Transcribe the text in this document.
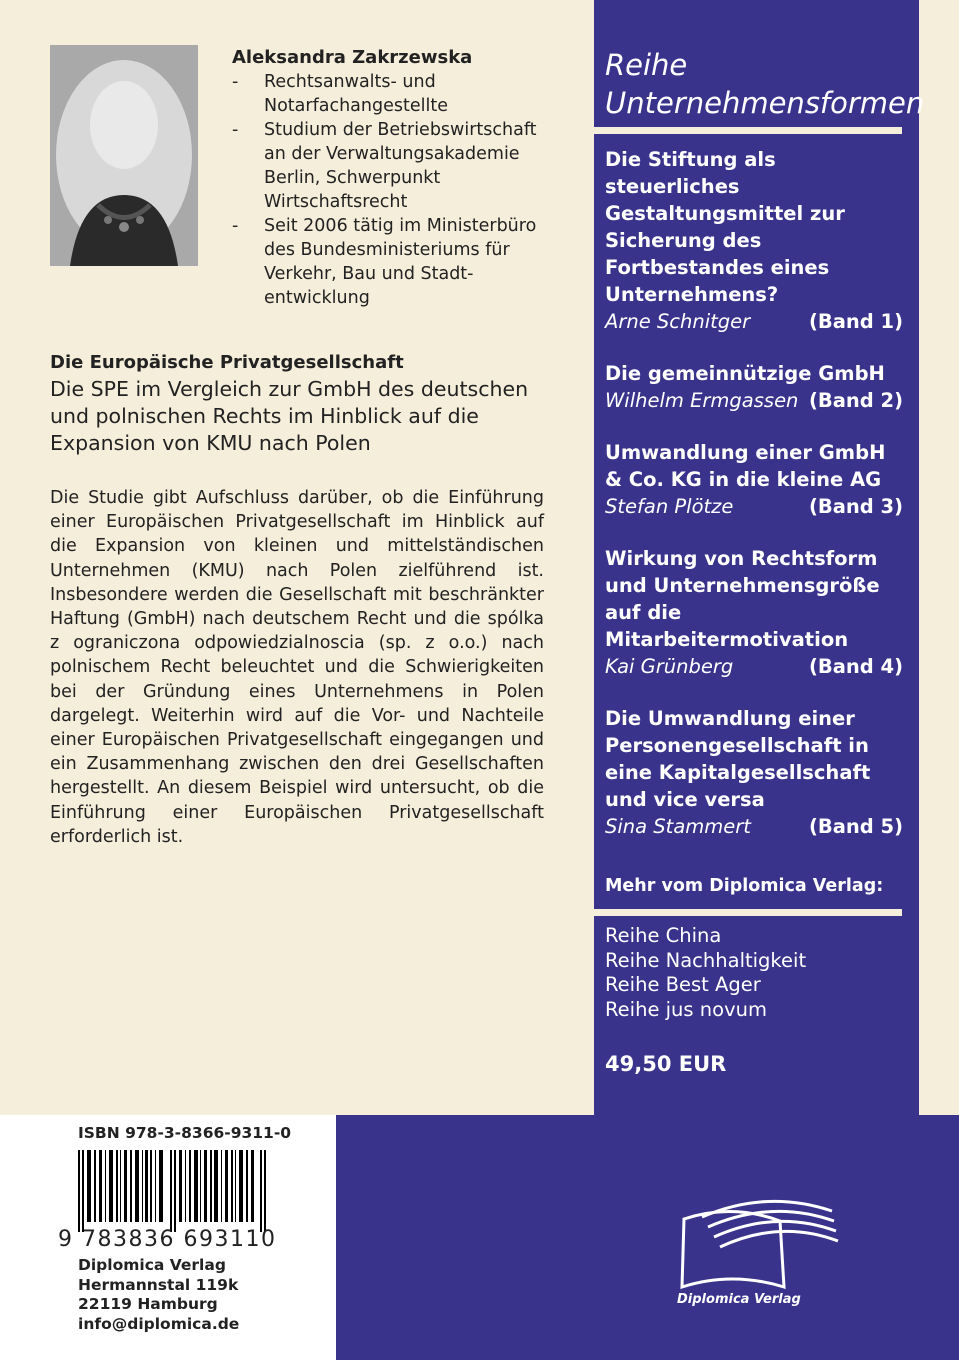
Aleksandra Zakrzewska
- Rechtsanwalts- und Notarfachangestellte
- Studium der Betriebswirtschaft an der Verwaltungsakademie Berlin, Schwerpunkt Wirtschaftsrecht
- Seit 2006 tätig im Ministerbüro des Bundesministeriums für Verkehr, Bau und Stadt-entwicklung
Die Europäische Privatgesellschaft
Die SPE im Vergleich zur GmbH des deutschen und polnischen Rechts im Hinblick auf die Expansion von KMU nach Polen
Die Studie gibt Aufschluss darüber, ob die Einführung einer Europäischen Privatgesellschaft im Hinblick auf die Expansion von kleinen und mittelständischen Unternehmen (KMU) nach Polen zielführend ist. Insbesondere werden die Gesellschaft mit beschränkter Haftung (GmbH) nach deutschem Recht und die spólka z ograniczona odpowiedzialnoscia (sp. z o.o.) nach polnischem Recht beleuchtet und die Schwierigkeiten bei der Gründung eines Unternehmens in Polen dargelegt. Weiterhin wird auf die Vor- und Nachteile einer Europäischen Privatgesellschaft eingegangen und ein Zusammenhang zwischen den drei Gesellschaften hergestellt. An diesem Beispiel wird untersucht, ob die Einführung einer Europäischen Privatgesellschaft erforderlich ist.
Reihe
Unternehmensformen
Die Stiftung als steuerliches Gestaltungsmittel zur Sicherung des Fortbestandes eines Unternehmens?
Arne Schnitger	(Band 1)
Die gemeinnützige GmbH
Wilhelm Ermgassen (Band 2)
Umwandlung einer GmbH & Co. KG in die kleine AG
Stefan Plötze	(Band 3)
Wirkung von Rechtsform und Unternehmensgröße auf die Mitarbeitermotivation
Kai Grünberg	(Band 4)
Die Umwandlung einer Personengesellschaft in eine Kapitalgesellschaft und vice versa
Sina Stammert	(Band 5)
Mehr vom Diplomica Verlag:
Reihe China
Reihe Nachhaltigkeit
Reihe Best Ager
Reihe jus novum
49,50 EUR
ISBN 978-3-8366-9311-0
9 783836 693110
Diplomica Verlag
Hermannstal 119k
22119 Hamburg
info@diplomica.de
Diplomica Verlag
